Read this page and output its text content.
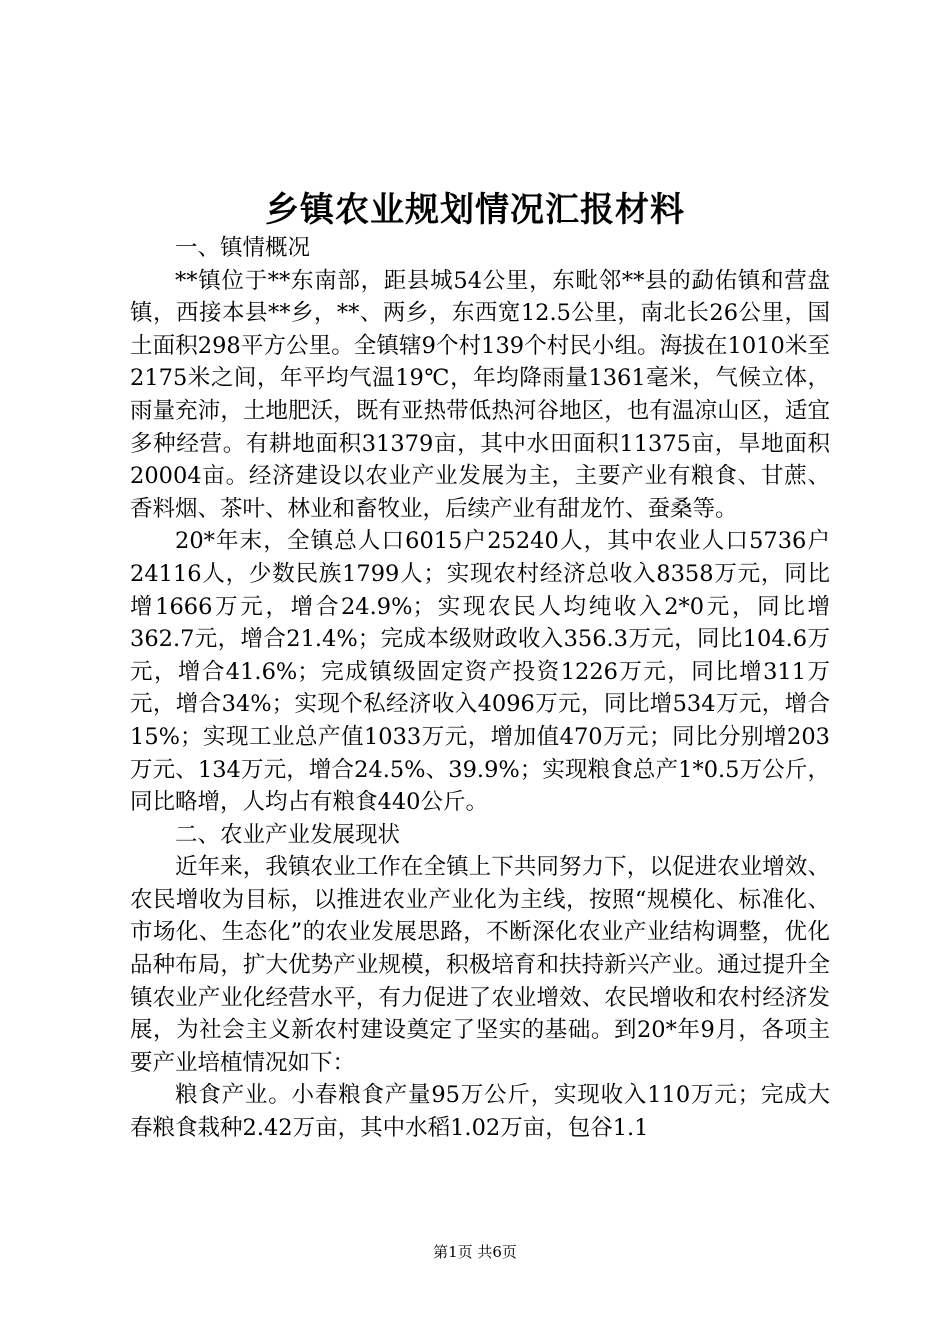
乡镇农业规划情况汇报材料

一、镇情概况

**镇位于**东南部，距县城54公里，东毗邻**县的勐佑镇和营盘镇，西接本县**乡，**、两乡，东西宽12.5公里，南北长26公里，国土面积298平方公里。全镇辖9个村139个村民小组。海拔在1010米至2175米之间，年平均气温19℃，年均降雨量1361毫米，气候立体，雨量充沛，土地肥沃，既有亚热带低热河谷地区，也有温凉山区，适宜多种经营。有耕地面积31379亩，其中水田面积11375亩，旱地面积20004亩。经济建设以农业产业发展为主，主要产业有粮食、甘蔗、香料烟、茶叶、林业和畜牧业，后续产业有甜龙竹、蚕桑等。

20*年末，全镇总人口6015户25240人，其中农业人口5736户24116人，少数民族1799人；实现农村经济总收入8358万元，同比增1666万元，增合24.9%；实现农民人均纯收入2*0元，同比增362.7元，增合21.4%；完成本级财政收入356.3万元，同比104.6万元，增合41.6%；完成镇级固定资产投资1226万元，同比增311万元，增合34%；实现个私经济收入4096万元，同比增534万元，增合15%；实现工业总产值1033万元，增加值470万元；同比分别增203万元、134万元，增合24.5%、39.9%；实现粮食总产1*0.5万公斤，同比略增，人均占有粮食440公斤。

二、农业产业发展现状

近年来，我镇农业工作在全镇上下共同努力下，以促进农业增效、农民增收为目标，以推进农业产业化为主线，按照“规模化、标准化、市场化、生态化”的农业发展思路，不断深化农业产业结构调整，优化品种布局，扩大优势产业规模，积极培育和扶持新兴产业。通过提升全镇农业产业化经营水平，有力促进了农业增效、农民增收和农村经济发展，为社会主义新农村建设奠定了坚实的基础。到20*年9月，各项主要产业培植情况如下：

粮食产业。小春粮食产量95万公斤，实现收入110万元；完成大春粮食栽种2.42万亩，其中水稻1.02万亩，包谷1.1

第1页 共6页
